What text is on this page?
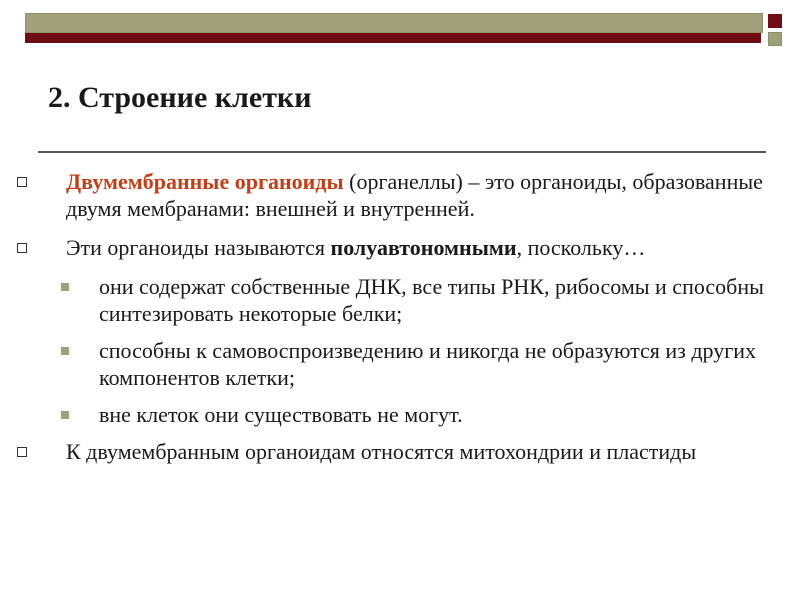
2. Строение клетки
Двумембранные органоиды (органеллы) – это органоиды, образованные двумя мембранами: внешней и внутренней.
Эти органоиды называются полуавтономными, поскольку…
они содержат собственные ДНК, все типы РНК, рибосомы и способны синтезировать некоторые белки;
способны к самовоспроизведению и никогда не образуются из других компонентов клетки;
вне клеток они существовать не могут.
К двумембранным органоидам относятся митохондрии и пластиды
